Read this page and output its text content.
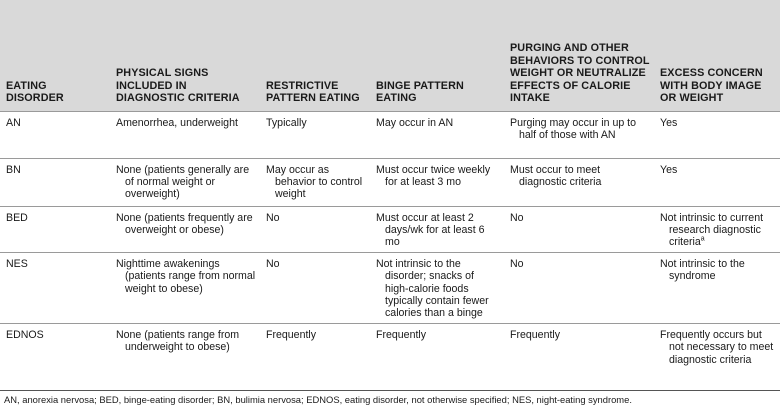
EATING DISORDER	PHYSICAL SIGNS INCLUDED IN DIAGNOSTIC CRITERIA	RESTRICTIVE PATTERN EATING	BINGE PATTERN EATING	PURGING AND OTHER BEHAVIORS TO CONTROL WEIGHT OR NEUTRALIZE EFFECTS OF CALORIE INTAKE	EXCESS CONCERN WITH BODY IMAGE OR WEIGHT
AN	Amenorrhea, underweight	Typically	May occur in AN	Purging may occur in up to half of those with AN	Yes

BN	None (patients generally are of normal weight or overweight)	May occur as behavior to control weight	Must occur twice weekly for at least 3 mo	Must occur to meet diagnostic criteria	Yes

BED	None (patients frequently are overweight or obese)	No	Must occur at least 2 days/wk for at least 6 mo	No	Not intrinsic to current research diagnostic criteria$^a$

NES	Nighttime awakenings (patients range from normal weight to obese)	No	Not intrinsic to the disorder; snacks of high-calorie foods typically contain fewer calories than a binge	No	Not intrinsic to the syndrome

EDNOS	None (patients range from underweight to obese)	Frequently	Frequently	Frequently	Frequently occurs but not necessary to meet diagnostic criteria
AN, anorexia nervosa; BED, binge-eating disorder; BN, bulimia nervosa; EDNOS, eating disorder, not otherwise specified; NES, night-eating syndrome.
